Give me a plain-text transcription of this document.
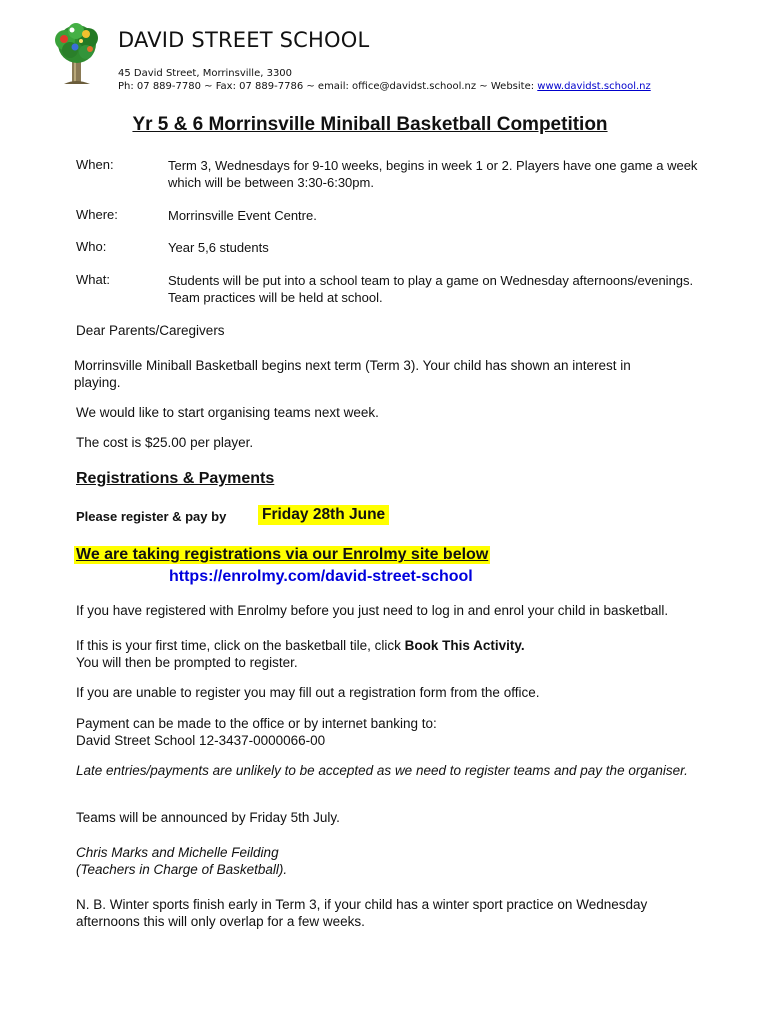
DAVID STREET SCHOOL
45 David Street, Morrinsville, 3300
Ph: 07 889-7780 ~ Fax: 07 889-7786 ~ email: office@davidst.school.nz ~ Website: www.davidst.school.nz
Yr 5 & 6 Morrinsville Miniball Basketball Competition
When:	Term 3, Wednesdays for 9-10 weeks, begins in week 1 or 2. Players have one game a week which will be between 3:30-6:30pm.
Where:	Morrinsville Event Centre.
Who:	Year 5,6 students
What:	Students will be put into a school team to play a game on Wednesday afternoons/evenings. Team practices will be held at school.
Dear Parents/Caregivers
Morrinsville Miniball Basketball begins next term (Term 3). Your child has shown an interest in playing.
We would like to start organising teams next week.
The cost is $25.00 per player.
Registrations & Payments
Please register & pay by Friday 28th June
We are taking registrations via our Enrolmy site below
https://enrolmy.com/david-street-school
If you have registered with Enrolmy before you just need to log in and enrol your child in basketball.
If this is your first time, click on the basketball tile, click Book This Activity.
You will then be prompted to register.
If you are unable to register you may fill out a registration form from the office.
Payment can be made to the office or by internet banking to:
David Street School 12-3437-0000066-00
Late entries/payments are unlikely to be accepted as we need to register teams and pay the organiser.
Teams will be announced by Friday 5th July.
Chris Marks and Michelle Feilding
(Teachers in Charge of Basketball).
N. B. Winter sports finish early in Term 3, if your child has a winter sport practice on Wednesday afternoons this will only overlap for a few weeks.
